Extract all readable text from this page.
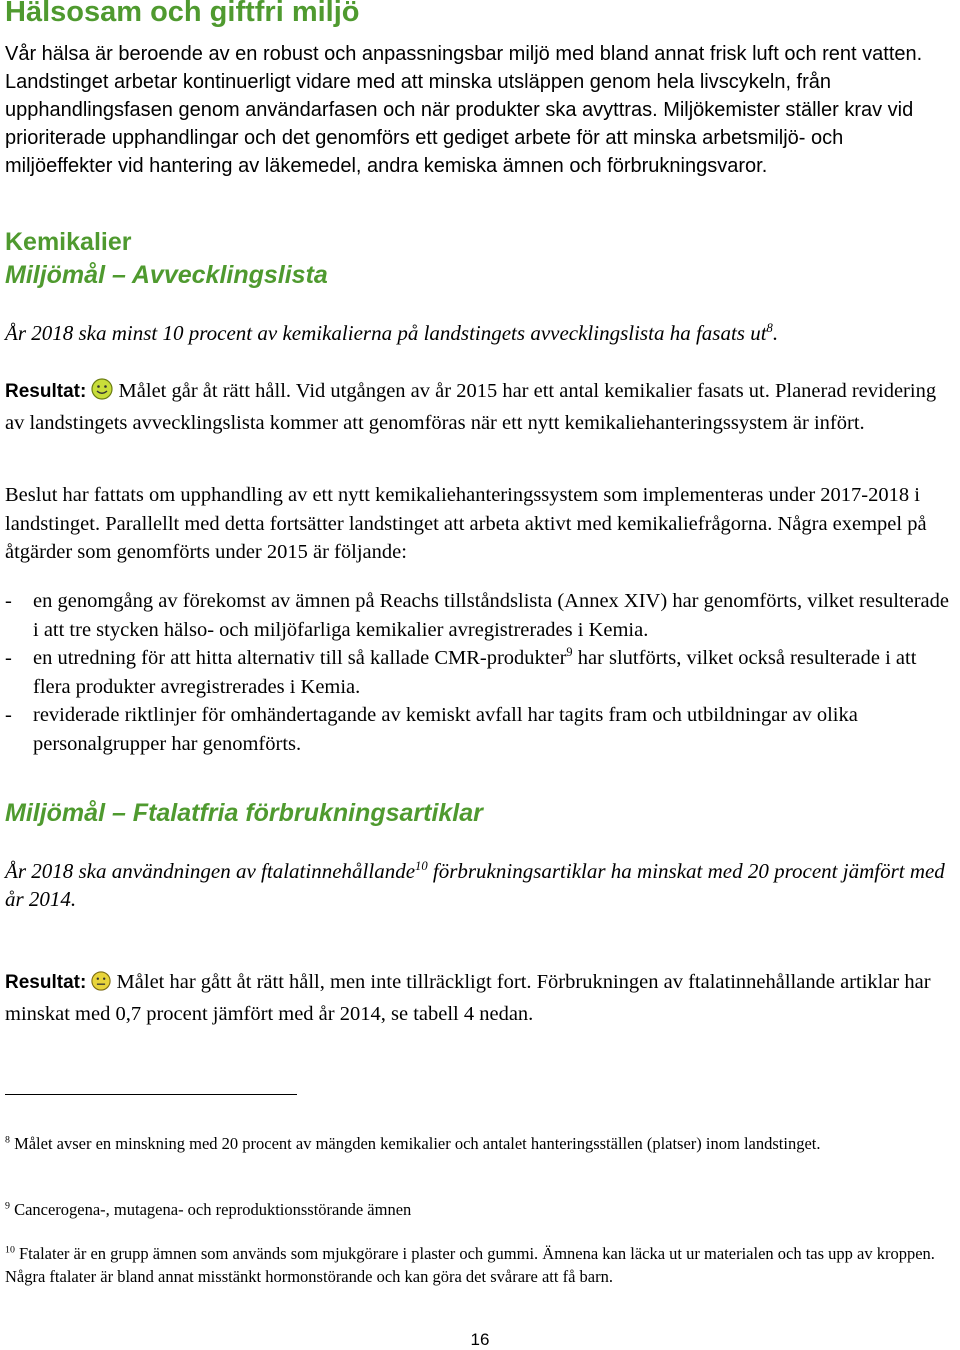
Hälsosam och giftfri miljö

Vår hälsa är beroende av en robust och anpassningsbar miljö med bland annat frisk luft och rent vatten. Landstinget arbetar kontinuerligt vidare med att minska utsläppen genom hela livscykeln, från upphandlingsfasen genom användarfasen och när produkter ska avyttras. Miljökemister ställer krav vid prioriterade upphandlingar och det genomförs ett gediget arbete för att minska arbetsmiljö- och miljöeffekter vid hantering av läkemedel, andra kemiska ämnen och förbrukningsvaror.

Kemikalier
Miljömål – Avvecklingslista

År 2018 ska minst 10 procent av kemikalierna på landstingets avvecklingslista ha fasats $ut^8$.

Resultat: Målet går åt rätt håll. Vid utgången av år 2015 har ett antal kemikalier fasats ut. Planerad revidering av landstingets avvecklingslista kommer att genomföras när ett nytt kemikaliehanteringssystem är infört.

Beslut har fattats om upphandling av ett nytt kemikaliehanteringssystem som implementeras under 2017-2018 i landstinget. Parallellt med detta fortsätter landstinget att arbeta aktivt med kemikaliefrågorna. Några exempel på åtgärder som genomförts under 2015 är följande:

- en genomgång av förekomst av ämnen på Reachs tillståndslista (Annex XIV) har genomförts, vilket resulterade i att tre stycken hälso- och miljöfarliga kemikalier avregistrerades i Kemia.
- en utredning för att hitta alternativ till så kallade CMR-produkter$^9$ har slutförts, vilket också resulterade i att flera produkter avregistrerades i Kemia.
- reviderade riktlinjer för omhändertagande av kemiskt avfall har tagits fram och utbildningar av olika personalgrupper har genomförts.
Miljömål – Ftalatfria förbrukningsartiklar

År 2018 ska användningen av ftalatinnehållande$^{10}$ förbrukningsartiklar ha minskat med 20 procent jämfört med år 2014.

Resultat: Målet har gått åt rätt håll, men inte tillräckligt fort. Förbrukningen av ftalatinnehållande artiklar har minskat med 0,7 procent jämfört med år 2014, se tabell 4 nedan.

$^8$ Målet avser en minskning med 20 procent av mängden kemikalier och antalet hanteringsställen (platser) inom landstinget.

$^9$ Cancerogena-, mutagena- och reproduktionsstörande ämnen

$^{10}$ Ftalater är en grupp ämnen som används som mjukgörare i plaster och gummi. Ämnena kan läcka ut ur materialen och tas upp av kroppen. Några ftalater är bland annat misstänkt hormonstörande och kan göra det svårare att få barn.

16
